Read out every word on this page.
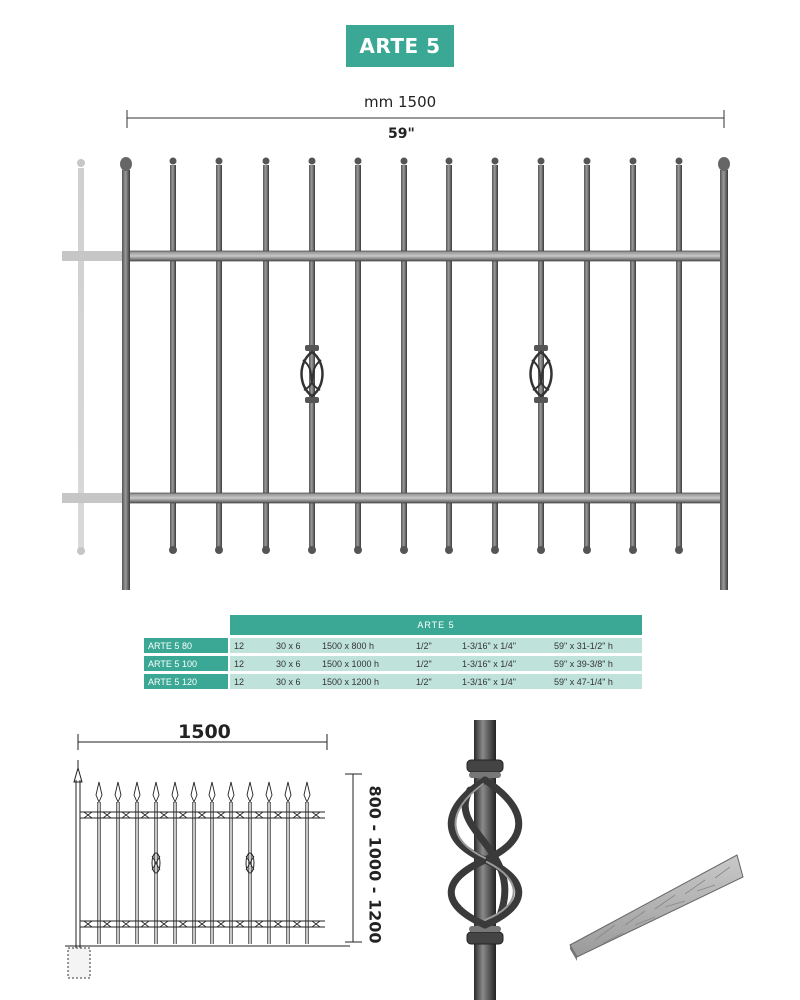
ARTE 5
mm 1500
59"
		ARTE 5					
ARTE 5 80		12	30 x 6	1500 x 800 h	1/2"	1-3/16" x 1/4"	59" x 31-1/2" h
ARTE 5 100		12	30 x 6	1500 x 1000 h	1/2"	1-3/16" x 1/4"	59" x 39-3/8" h
ARTE 5 120		12	30 x 6	1500 x 1200 h	1/2"	1-3/16" x 1/4"	59" x 47-1/4" h
1500
800 - 1000 - 1200
